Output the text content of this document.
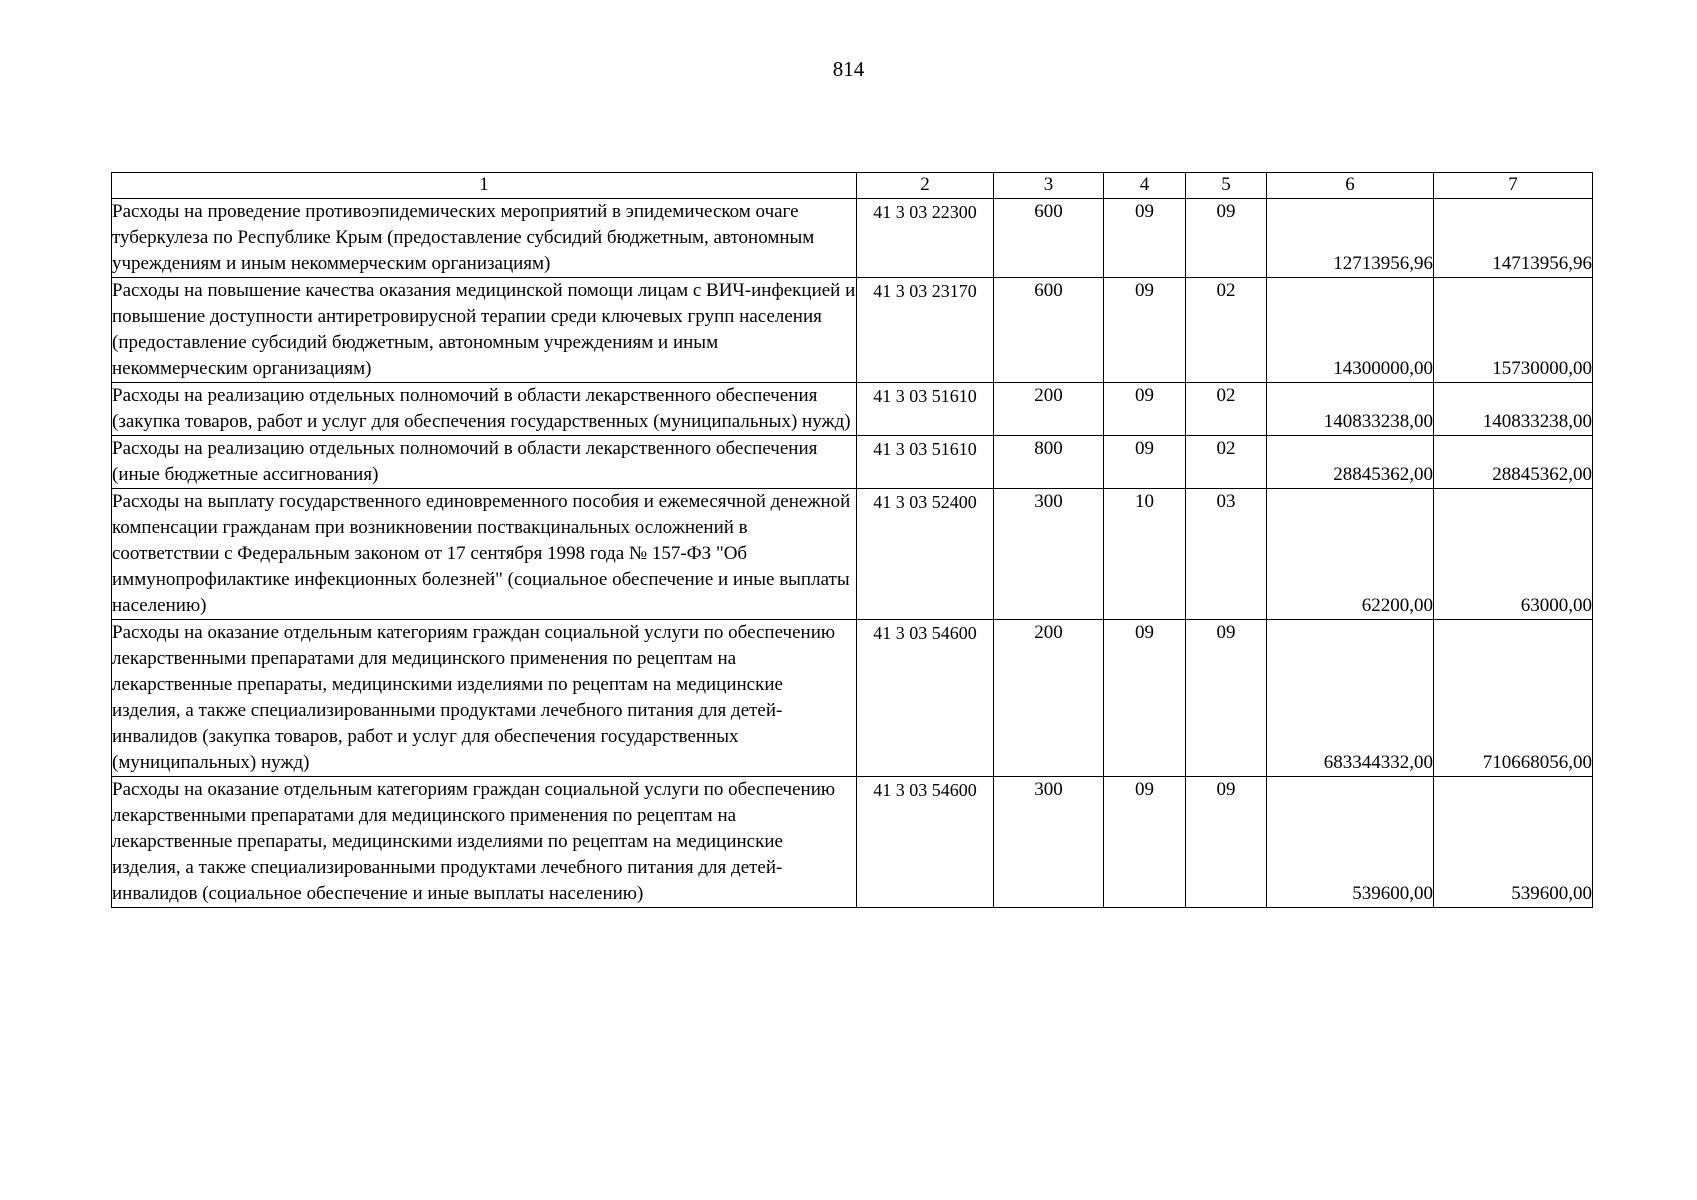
814
1	2	3	4	5	6	7
Расходы на проведение противоэпидемических мероприятий в эпидемическом очаге туберкулеза по Республике Крым (предоставление субсидий бюджетным, автономным учреждениям и иным некоммерческим организациям)	41 3 03 22300	600	09	09	12713956,96	14713956,96
Расходы на повышение качества оказания медицинской помощи лицам с ВИЧ-инфекцией и повышение доступности антиретровирусной терапии среди ключевых групп населения (предоставление субсидий бюджетным, автономным учреждениям и иным некоммерческим организациям)	41 3 03 23170	600	09	02	14300000,00	15730000,00
Расходы на реализацию отдельных полномочий в области лекарственного обеспечения (закупка товаров, работ и услуг для обеспечения государственных (муниципальных) нужд)	41 3 03 51610	200	09	02	140833238,00	140833238,00
Расходы на реализацию отдельных полномочий в области лекарственного обеспечения (иные бюджетные ассигнования)	41 3 03 51610	800	09	02	28845362,00	28845362,00
Расходы на выплату государственного единовременного пособия и ежемесячной денежной компенсации гражданам при возникновении поствакцинальных осложнений в соответствии с Федеральным законом от 17 сентября 1998 года № 157-ФЗ "Об иммунопрофилактике инфекционных болезней" (социальное обеспечение и иные выплаты населению)	41 3 03 52400	300	10	03	62200,00	63000,00
Расходы на оказание отдельным категориям граждан социальной услуги по обеспечению лекарственными препаратами для медицинского применения по рецептам на лекарственные препараты, медицинскими изделиями по рецептам на медицинские изделия, а также специализированными продуктами лечебного питания для детей-инвалидов (закупка товаров, работ и услуг для обеспечения государственных (муниципальных) нужд)	41 3 03 54600	200	09	09	683344332,00	710668056,00
Расходы на оказание отдельным категориям граждан социальной услуги по обеспечению лекарственными препаратами для медицинского применения по рецептам на лекарственные препараты, медицинскими изделиями по рецептам на медицинские изделия, а также специализированными продуктами лечебного питания для детей-инвалидов (социальное обеспечение и иные выплаты населению)	41 3 03 54600	300	09	09	539600,00	539600,00
